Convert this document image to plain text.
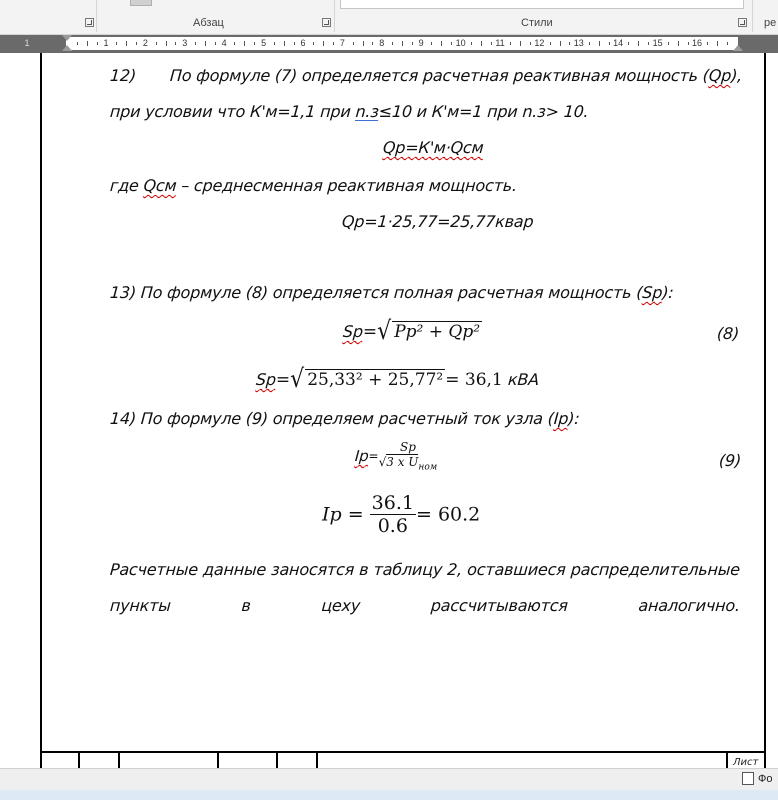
Абзац	Стили	ре
1	1	2	3	4	5	6	7	8	9	10	11	12	13	14	15	16
12) По формуле (7) определяется расчетная реактивная мощность (Qp),
при условии что К'м=1,1 при n.з≤10 и К'м=1 при n.з> 10.
Qp=К'м·Qсм
где Qсм – среднесменная реактивная мощность.
Qp=1·25,77=25,77квар
13) По формуле (8) определяется полная расчетная мощность (Sp):
Sp=√ Pp² + Qp²	(8)
Sp=√ 25,33² + 25,77² = 36,1 кВА
14) По формуле (9) определяем расчетный ток узла (Ip):
$Ip= \frac{Sp}{√3 x U_{ном}}$	(9)
$Ip = \frac{36.1}{0.6} = 60.2$
Расчетные данные заносятся в таблицу 2, оставшиеся распределительные
пункты	в	цеху	рассчитываются	аналогично.
Лист
Фо
